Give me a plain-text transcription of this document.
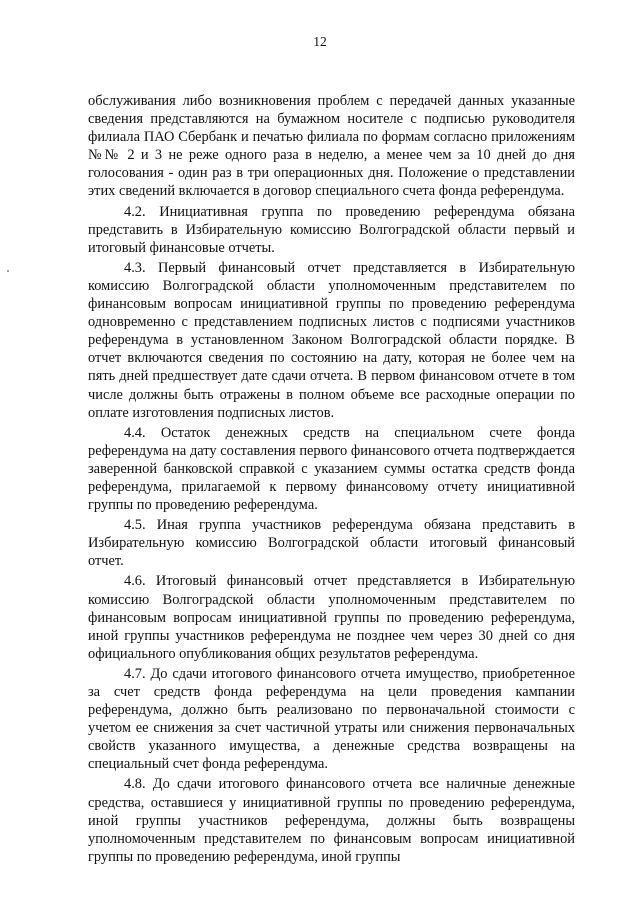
12

обслуживания либо возникновения проблем с передачей данных указанные сведения представляются на бумажном носителе с подписью руководителя филиала ПАО Сбербанк и печатью филиала по формам согласно приложениям №№ 2 и 3 не реже одного раза в неделю, а менее чем за 10 дней до дня голосования - один раз в три операционных дня. Положение о представлении этих сведений включается в договор специального счета фонда референдума.

4.2. Инициативная группа по проведению референдума обязана представить в Избирательную комиссию Волгоградской области первый и итоговый финансовые отчеты.

4.3. Первый финансовый отчет представляется в Избирательную комиссию Волгоградской области уполномоченным представителем по финансовым вопросам инициативной группы по проведению референдума одновременно с представлением подписных листов с подписями участников референдума в установленном Законом Волгоградской области порядке. В отчет включаются сведения по состоянию на дату, которая не более чем на пять дней предшествует дате сдачи отчета. В первом финансовом отчете в том числе должны быть отражены в полном объеме все расходные операции по оплате изготовления подписных листов.

4.4. Остаток денежных средств на специальном счете фонда референдума на дату составления первого финансового отчета подтверждается заверенной банковской справкой с указанием суммы остатка средств фонда референдума, прилагаемой к первому финансовому отчету инициативной группы по проведению референдума.

4.5. Иная группа участников референдума обязана представить в Избирательную комиссию Волгоградской области итоговый финансовый отчет.

4.6. Итоговый финансовый отчет представляется в Избирательную комиссию Волгоградской области уполномоченным представителем по финансовым вопросам инициативной группы по проведению референдума, иной группы участников референдума не позднее чем через 30 дней со дня официального опубликования общих результатов референдума.

4.7. До сдачи итогового финансового отчета имущество, приобретенное за счет средств фонда референдума на цели проведения кампании референдума, должно быть реализовано по первоначальной стоимости с учетом ее снижения за счет частичной утраты или снижения первоначальных свойств указанного имущества, а денежные средства возвращены на специальный счет фонда референдума.

4.8. До сдачи итогового финансового отчета все наличные денежные средства, оставшиеся у инициативной группы по проведению референдума, иной группы участников референдума, должны быть возвращены уполномоченным представителем по финансовым вопросам инициативной группы по проведению референдума, иной группы
